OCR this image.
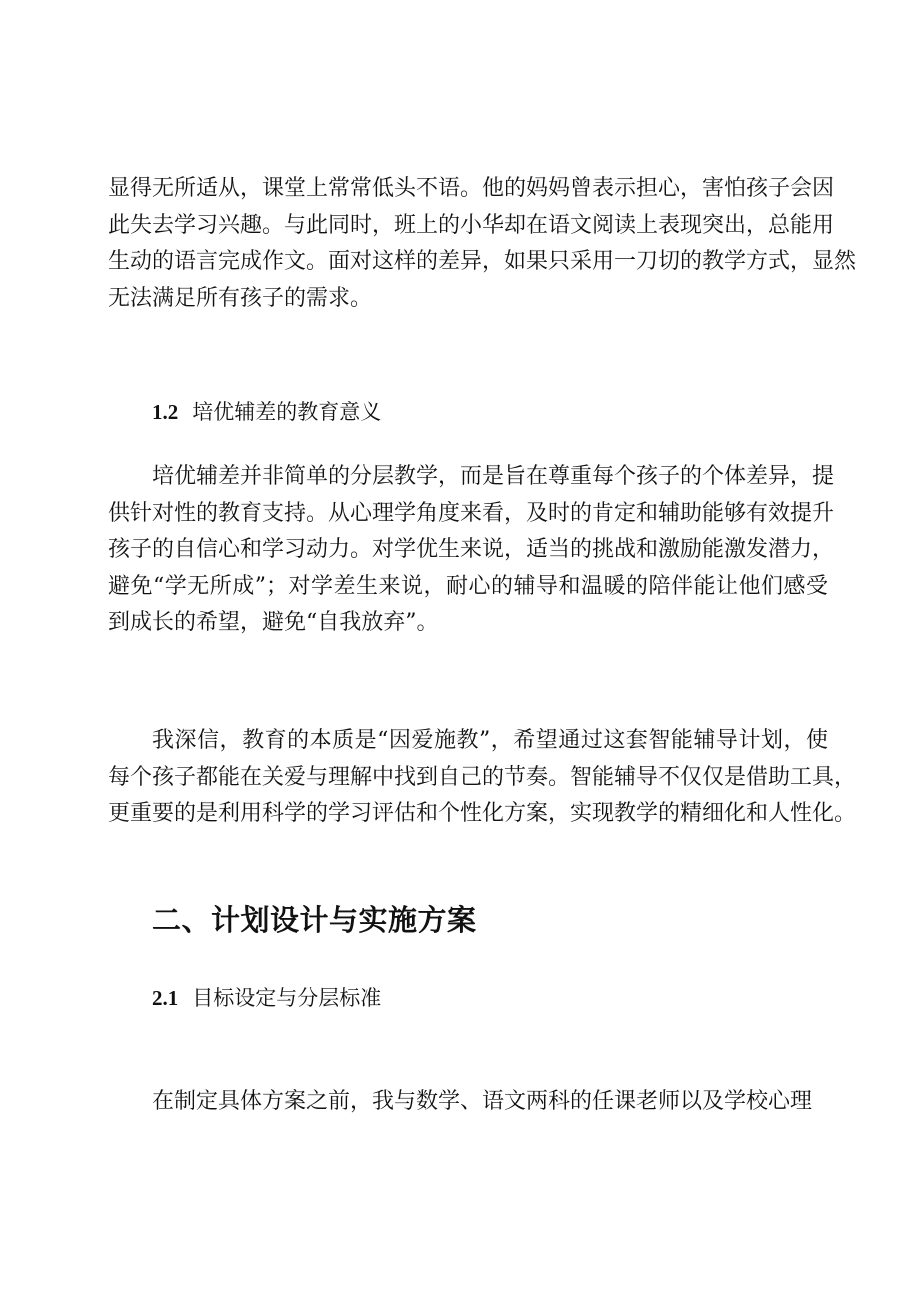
显得无所适从，课堂上常常低头不语。他的妈妈曾表示担心，害怕孩子会因
此失去学习兴趣。与此同时，班上的小华却在语文阅读上表现突出，总能用
生动的语言完成作文。面对这样的差异，如果只采用一刀切的教学方式，显然
无法满足所有孩子的需求。

1.2 培优辅差的教育意义

培优辅差并非简单的分层教学，而是旨在尊重每个孩子的个体差异，提
供针对性的教育支持。从心理学角度来看，及时的肯定和辅助能够有效提升
孩子的自信心和学习动力。对学优生来说，适当的挑战和激励能激发潜力，
避免“学无所成”；对学差生来说，耐心的辅导和温暖的陪伴能让他们感受
到成长的希望，避免“自我放弃”。

我深信，教育的本质是“因爱施教”，希望通过这套智能辅导计划，使
每个孩子都能在关爱与理解中找到自己的节奏。智能辅导不仅仅是借助工具，
更重要的是利用科学的学习评估和个性化方案，实现教学的精细化和人性化。

二、计划设计与实施方案
2.1 目标设定与分层标准

在制定具体方案之前，我与数学、语文两科的任课老师以及学校心理
